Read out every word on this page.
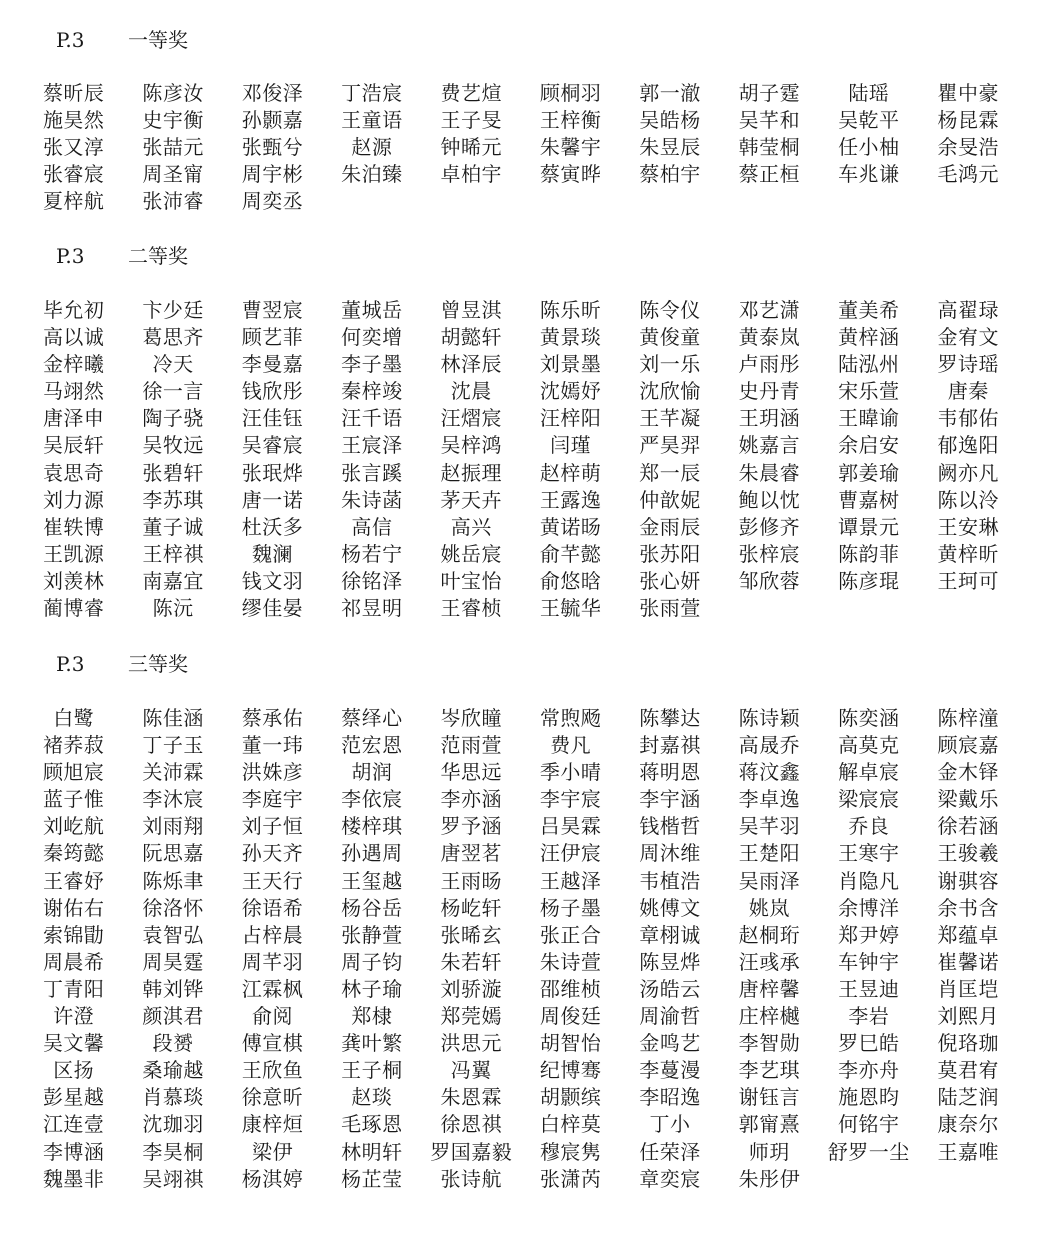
P.3 一等奖
蔡昕辰	陈彦汝	邓俊泽	丁浩宸	费艺煊	顾桐羽	郭一澈	胡子霆	陆瑶	瞿中豪
施昊然	史宇衡	孙颢嘉	王童语	王子旻	王梓衡	吴皓杨	吴芊和	吴乾平	杨昆霖
张又淳	张喆元	张甄兮	赵源	钟晞元	朱馨宇	朱昱辰	韩莹桐	任小柚	余旻浩
张睿宸	周圣甯	周宇彬	朱泊臻	卓柏宇	蔡寅晔	蔡柏宇	蔡正桓	车兆谦	毛鸿元
夏梓航	张沛睿	周奕丞
P.3 二等奖
毕允初	卞少廷	曹翌宸	董城岳	曾昱淇	陈乐昕	陈令仪	邓艺潇	董美希	高翟琭
高以诚	葛思齐	顾艺菲	何奕增	胡懿轩	黄景琰	黄俊童	黄泰岚	黄梓涵	金宥文
金梓曦	冷天	李曼嘉	李子墨	林泽辰	刘景墨	刘一乐	卢雨彤	陆泓州	罗诗瑶
马翊然	徐一言	钱欣彤	秦梓竣	沈晨	沈嫣妤	沈欣愉	史丹青	宋乐萱	唐秦
唐泽申	陶子骁	汪佳钰	汪千语	汪熠宸	汪梓阳	王芊凝	王玥涵	王暐谕	韦郁佑
吴辰轩	吴牧远	吴睿宸	王宸泽	吴梓鸿	闫瑾	严昊羿	姚嘉言	余启安	郁逸阳
袁思奇	张碧轩	张珉烨	张言蹊	赵振理	赵梓萌	郑一辰	朱晨睿	郭姜瑜	阙亦凡
刘力源	李苏琪	唐一诺	朱诗菡	茅天卉	王露逸	仲歆妮	鲍以忱	曹嘉树	陈以泠
崔轶博	董子诚	杜沃多	高信	高兴	黄诺旸	金雨辰	彭修齐	谭景元	王安琳
王凯源	王梓祺	魏澜	杨若宁	姚岳宸	俞芊懿	张苏阳	张梓宸	陈韵菲	黄梓昕
刘羡林	南嘉宜	钱文羽	徐铭泽	叶宝怡	俞悠晗	张心妍	邹欣蓉	陈彦琨	王珂可
蔺博睿	陈沅	缪佳晏	祁昱明	王睿桢	王毓华	张雨萱
P.3 三等奖
白鹭	陈佳涵	蔡承佑	蔡绎心	岑欣瞳	常煦飏	陈攀达	陈诗颖	陈奕涵	陈梓潼
褚荞菽	丁子玉	董一玮	范宏恩	范雨萱	费凡	封嘉祺	高晟乔	高莫克	顾宸嘉
顾旭宸	关沛霖	洪姝彦	胡润	华思远	季小晴	蒋明恩	蒋汶鑫	解卓宸	金木铎
蓝子惟	李沐宸	李庭宇	李依宸	李亦涵	李宇宸	李宇涵	李卓逸	梁宸宸	梁戴乐
刘屹航	刘雨翔	刘子恒	楼梓琪	罗予涵	吕昊霖	钱楷哲	吴芊羽	乔良	徐若涵
秦筠懿	阮思嘉	孙天齐	孙遇周	唐翌茗	汪伊宸	周沐维	王楚阳	王寒宇	王骏羲
王睿妤	陈烁聿	王天行	王玺越	王雨旸	王越泽	韦植浩	吴雨泽	肖隐凡	谢骐容
谢佑右	徐洛怀	徐语希	杨谷岳	杨屹轩	杨子墨	姚傅文	姚岚	余博洋	余书含
索锦勖	袁智弘	占梓晨	张静萱	张晞玄	张正合	章栩诚	赵桐珩	郑尹婷	郑蕴卓
周晨希	周昊霆	周芊羽	周子钧	朱若轩	朱诗萱	陈昱烨	汪彧承	车钟宇	崔馨诺
丁青阳	韩刘铧	江霖枫	林子瑜	刘骄漩	邵维桢	汤皓云	唐梓馨	王昱迪	肖匡垲
许澄	颜淇君	俞阅	郑棣	郑莞嫣	周俊廷	周渝哲	庄梓樾	李岩	刘熙月
吴文馨	段赟	傅宣棋	龚叶繁	洪思元	胡智怡	金鸣艺	李智勋	罗巳皓	倪珞珈
区扬	桑瑜越	王欣鱼	王子桐	冯翼	纪博骞	李蔓漫	李艺琪	李亦舟	莫君宥
彭星越	肖慕琰	徐意昕	赵琰	朱恩霖	胡颢缤	李昭逸	谢钰言	施恩昀	陆芝润
江连壹	沈珈羽	康梓烜	毛琢恩	徐恩祺	白梓莫	丁小	郭甯熹	何铭宇	康奈尔
李博涵	李昊桐	梁伊	林明轩	罗国嘉毅	穆宸隽	任荣泽	师玥	舒罗一尘	王嘉唯
魏墨非	吴翊祺	杨淇婷	杨芷莹	张诗航	张潇芮	章奕宸	朱彤伊
